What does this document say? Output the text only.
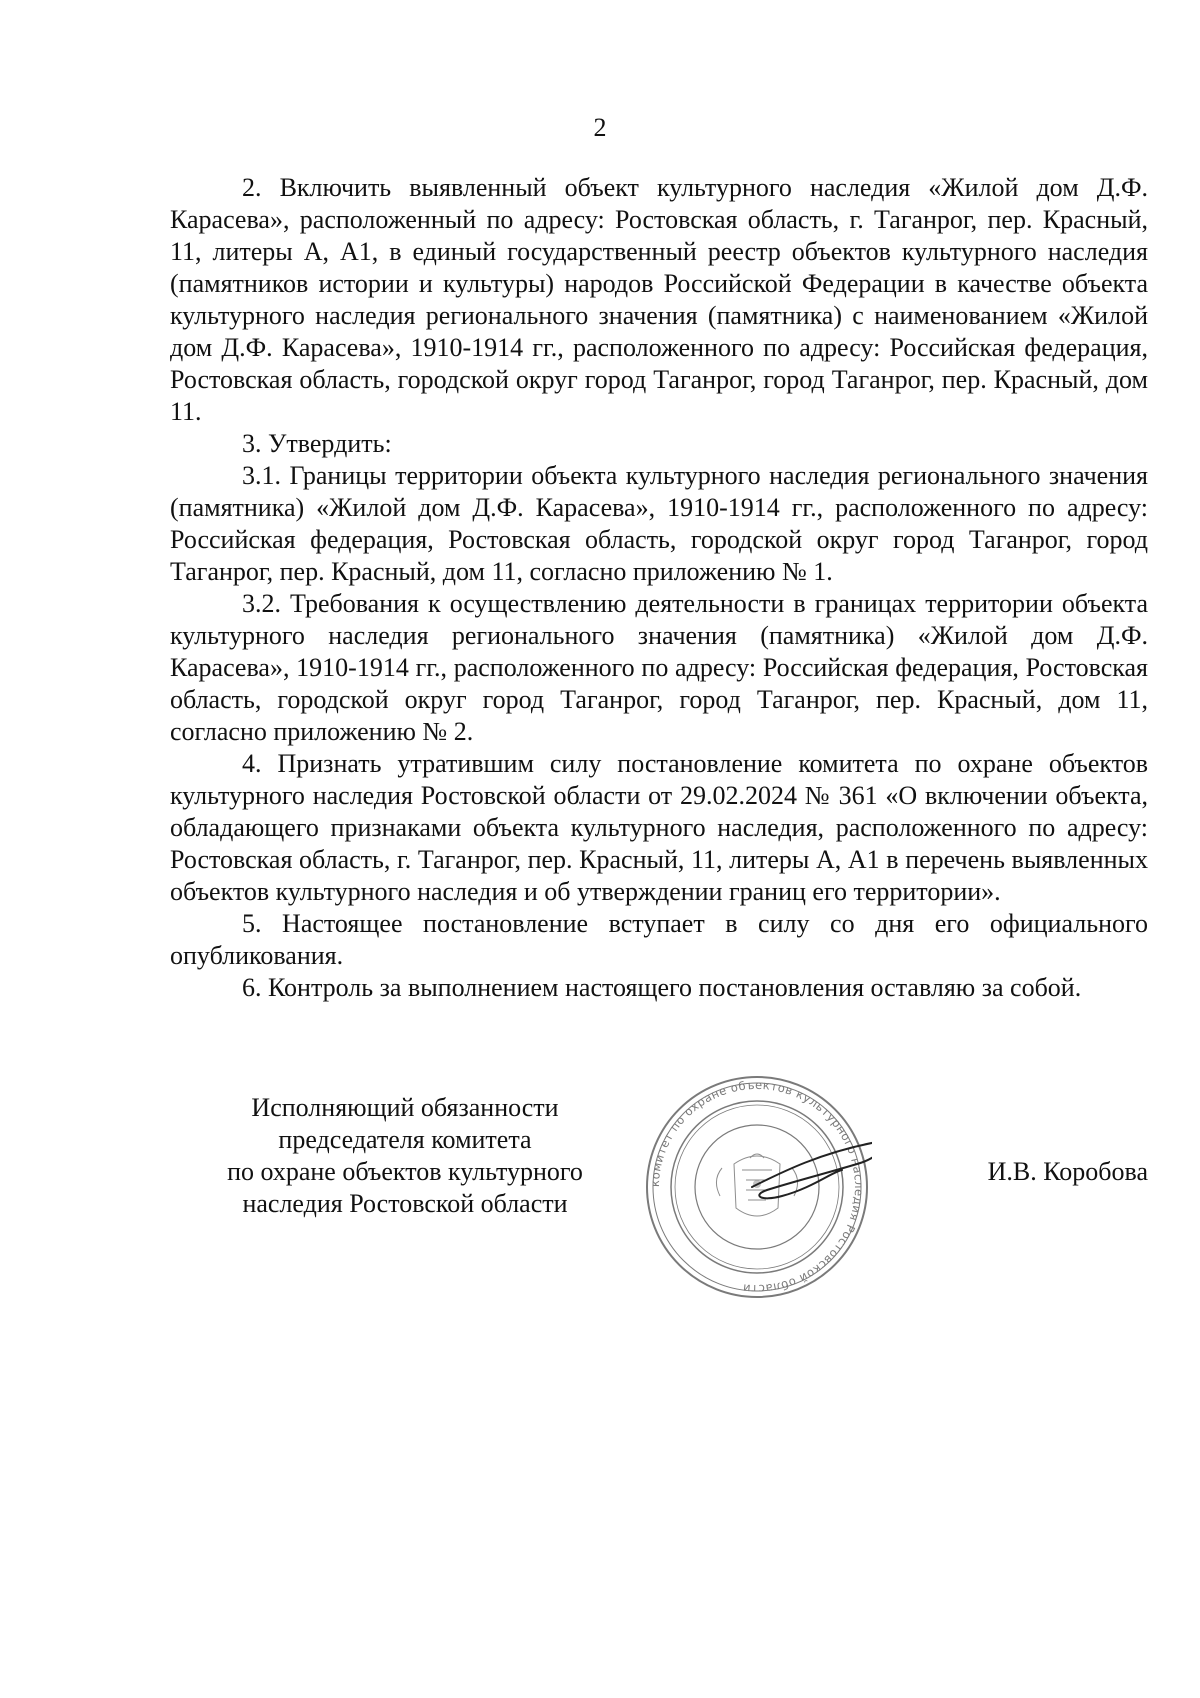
2

2. Включить выявленный объект культурного наследия «Жилой дом Д.Ф. Карасева», расположенный по адресу: Ростовская область, г. Таганрог, пер. Красный, 11, литеры А, А1, в единый государственный реестр объектов культурного наследия (памятников истории и культуры) народов Российской Федерации в качестве объекта культурного наследия регионального значения (памятника) с наименованием «Жилой дом Д.Ф. Карасева», 1910-1914 гг., расположенного по адресу: Российская федерация, Ростовская область, городской округ город Таганрог, город Таганрог, пер. Красный, дом 11.

3. Утвердить:

3.1. Границы территории объекта культурного наследия регионального значения (памятника) «Жилой дом Д.Ф. Карасева», 1910-1914 гг., расположенного по адресу: Российская федерация, Ростовская область, городской округ город Таганрог, город Таганрог, пер. Красный, дом 11, согласно приложению № 1.

3.2. Требования к осуществлению деятельности в границах территории объекта культурного наследия регионального значения (памятника) «Жилой дом Д.Ф. Карасева», 1910-1914 гг., расположенного по адресу: Российская федерация, Ростовская область, городской округ город Таганрог, город Таганрог, пер. Красный, дом 11, согласно приложению № 2.

4. Признать утратившим силу постановление комитета по охране объектов культурного наследия Ростовской области от 29.02.2024 № 361 «О включении объекта, обладающего признаками объекта культурного наследия, расположенного по адресу: Ростовская область, г. Таганрог, пер. Красный, 11, литеры А, А1 в перечень выявленных объектов культурного наследия и об утверждении границ его территории».

5. Настоящее постановление вступает в силу со дня его официального опубликования.

6. Контроль за выполнением настоящего постановления оставляю за собой.

Исполняющий обязанности
председателя комитета
по охране объектов культурного
наследия Ростовской области
комитет по охране объектов культурного наследия Ростовской области
И.В. Коробова
